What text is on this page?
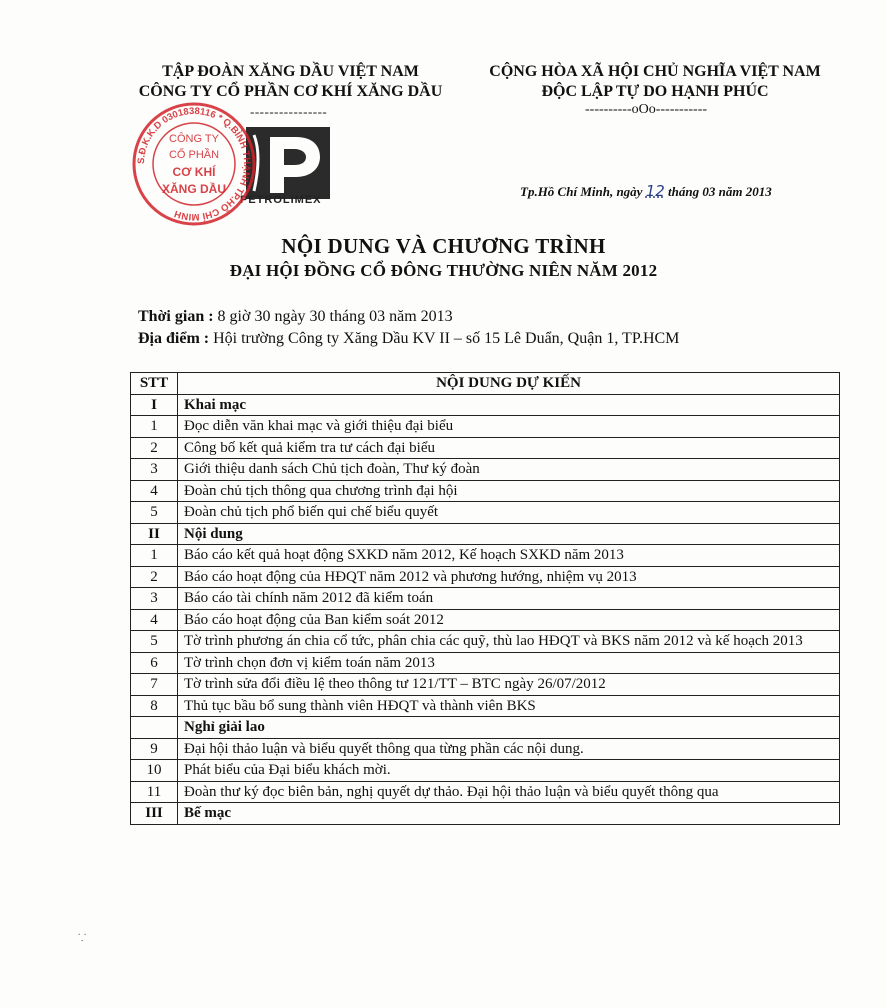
TẬP ĐOÀN XĂNG DẦU VIỆT NAM
CÔNG TY CỔ PHẦN CƠ KHÍ XĂNG DẦU
----------------
CỘNG HÒA XÃ HỘI CHỦ NGHĨA VIỆT NAM
ĐỘC LẬP TỰ DO HẠNH PHÚC
----------oOo-----------
PETROLIMEX
S.Đ.K.K.D 0301838116 * Q.BÌNH THẠNH TP.HỒ CHÍ MINH
CÔNG TY
CỔ PHẦN
CƠ KHÍ
XĂNG DẦU	Tp.Hồ Chí Minh, ngày 12 tháng 03 năm 2013
NỘI DUNG VÀ CHƯƠNG TRÌNH
ĐẠI HỘI ĐỒNG CỔ ĐÔNG THƯỜNG NIÊN NĂM 2012
Thời gian : 8 giờ 30 ngày 30 tháng 03 năm 2013
Địa điểm : Hội trường Công ty Xăng Dầu KV II – số 15 Lê Duẩn, Quận 1, TP.HCM
STT	NỘI DUNG DỰ KIẾN
I	Khai mạc
1	Đọc diễn văn khai mạc và giới thiệu đại biểu
2	Công bố kết quả kiểm tra tư cách đại biểu
3	Giới thiệu danh sách Chủ tịch đoàn, Thư ký đoàn
4	Đoàn chủ tịch thông qua chương trình đại hội
5	Đoàn chủ tịch phổ biến qui chế biểu quyết
II	Nội dung
1	Báo cáo kết quả hoạt động SXKD năm 2012, Kế hoạch SXKD năm 2013
2	Báo cáo hoạt động của HĐQT năm 2012 và phương hướng, nhiệm vụ 2013
3	Báo cáo tài chính năm 2012 đã kiểm toán
4	Báo cáo hoạt động của Ban kiểm soát 2012
5	Tờ trình phương án chia cổ tức, phân chia các quỹ, thù lao HĐQT và BKS năm 2012 và kế hoạch 2013
6	Tờ trình chọn đơn vị kiểm toán năm 2013
7	Tờ trình sửa đổi điều lệ theo thông tư 121/TT – BTC ngày 26/07/2012
8	Thủ tục bầu bổ sung thành viên HĐQT và thành viên BKS
	Nghỉ giải lao
9	Đại hội thảo luận và biểu quyết thông qua từng phần các nội dung.
10	Phát biểu của Đại biểu khách mời.
11	Đoàn thư ký đọc biên bản, nghị quyết dự thảo. Đại hội thảo luận và biểu quyết thông qua
III	Bế mạc
⸪
